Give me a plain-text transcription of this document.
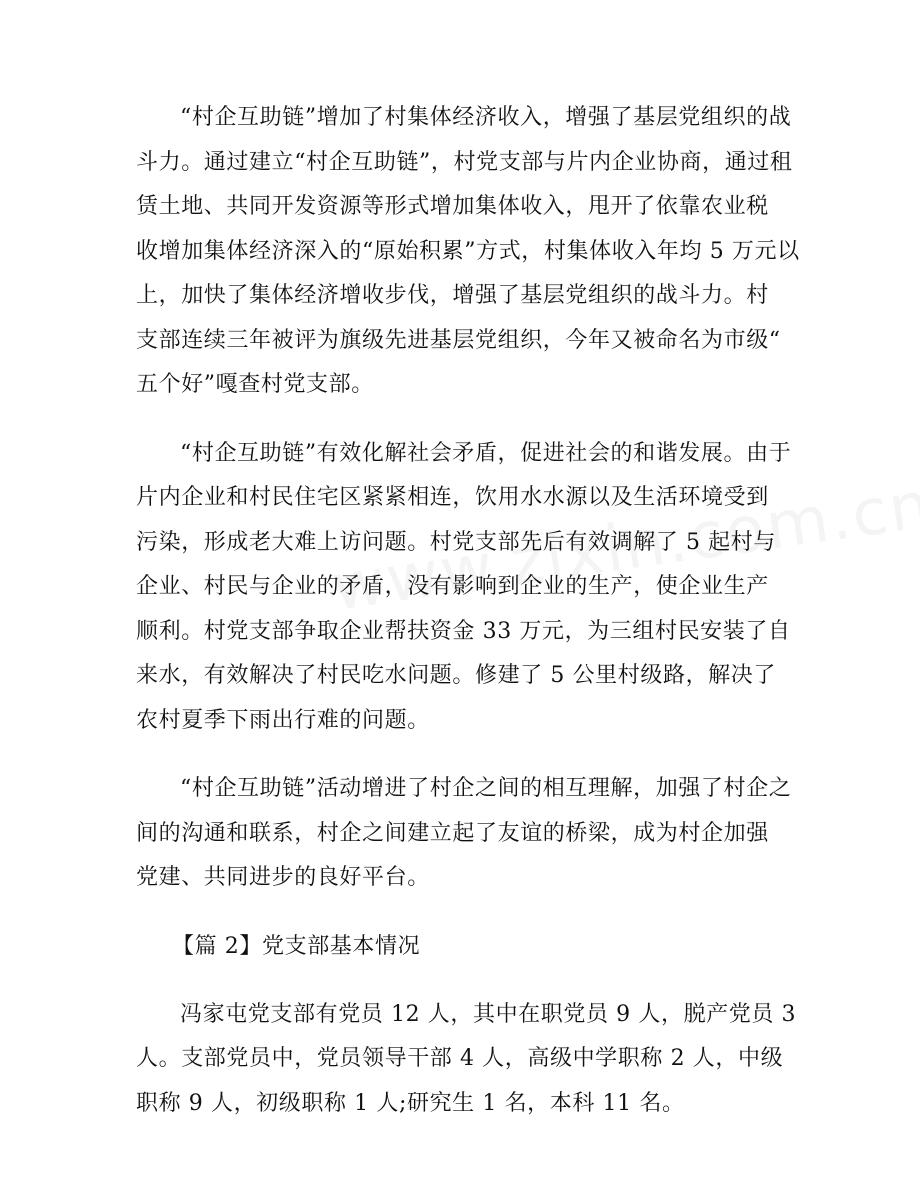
“村企互助链”增加了村集体经济收入，增强了基层党组织的战
斗力。通过建立“村企互助链”，村党支部与片内企业协商，通过租
赁土地、共同开发资源等形式增加集体收入，甩开了依靠农业税
收增加集体经济深入的“原始积累”方式，村集体收入年均 5 万元以
上，加快了集体经济增收步伐，增强了基层党组织的战斗力。村
支部连续三年被评为旗级先进基层党组织，今年又被命名为市级“
五个好”嘎查村党支部。

“村企互助链”有效化解社会矛盾，促进社会的和谐发展。由于
片内企业和村民住宅区紧紧相连，饮用水水源以及生活环境受到
污染，形成老大难上访问题。村党支部先后有效调解了 5 起村与
企业、村民与企业的矛盾，没有影响到企业的生产，使企业生产
顺利。村党支部争取企业帮扶资金 33 万元，为三组村民安装了自
来水，有效解决了村民吃水问题。修建了 5 公里村级路，解决了
农村夏季下雨出行难的问题。

“村企互助链”活动增进了村企之间的相互理解，加强了村企之
间的沟通和联系，村企之间建立起了友谊的桥梁，成为村企加强
党建、共同进步的良好平台。

【篇 2】党支部基本情况

冯家屯党支部有党员 12 人，其中在职党员 9 人，脱产党员 3
人。支部党员中，党员领导干部 4 人，高级中学职称 2 人，中级
职称 9 人，初级职称 1 人;研究生 1 名，本科 11 名。
